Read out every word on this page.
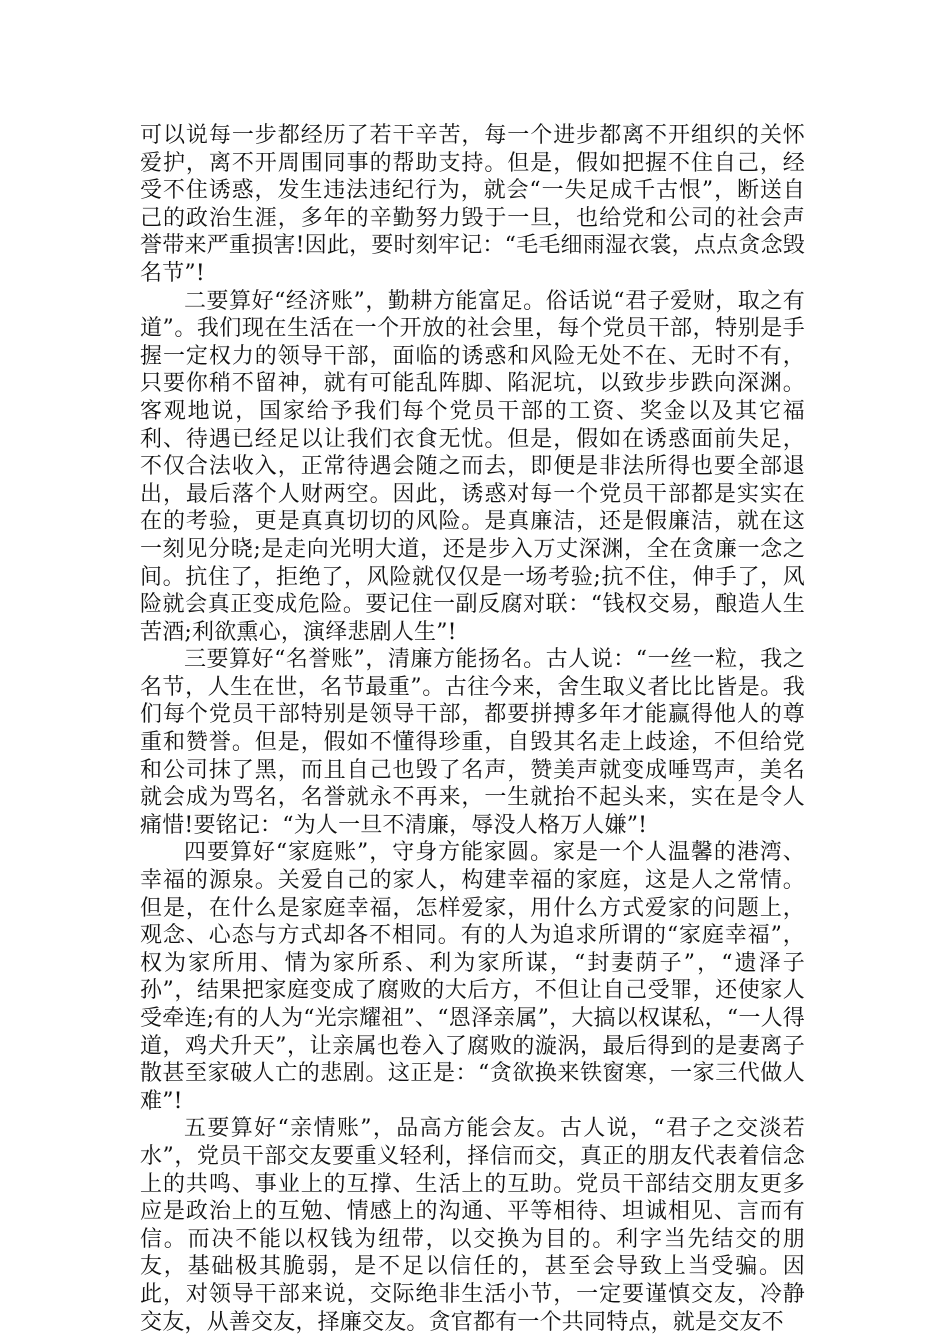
可以说每一步都经历了若干辛苦，每一个进步都离不开组织的关怀爱护，离不开周围同事的帮助支持。但是，假如把握不住自己，经受不住诱惑，发生违法违纪行为，就会“一失足成千古恨”，断送自己的政治生涯，多年的辛勤努力毁于一旦，也给党和公司的社会声誉带来严重损害!因此，要时刻牢记：“毛毛细雨湿衣裳，点点贪念毁名节”!

二要算好“经济账”，勤耕方能富足。俗话说“君子爱财，取之有道”。我们现在生活在一个开放的社会里，每个党员干部，特别是手握一定权力的领导干部，面临的诱惑和风险无处不在、无时不有，只要你稍不留神，就有可能乱阵脚、陷泥坑，以致步步跌向深渊。客观地说，国家给予我们每个党员干部的工资、奖金以及其它福利、待遇已经足以让我们衣食无忧。但是，假如在诱惑面前失足，不仅合法收入，正常待遇会随之而去，即便是非法所得也要全部退出，最后落个人财两空。因此，诱惑对每一个党员干部都是实实在在的考验，更是真真切切的风险。是真廉洁，还是假廉洁，就在这一刻见分晓;是走向光明大道，还是步入万丈深渊，全在贪廉一念之间。抗住了，拒绝了，风险就仅仅是一场考验;抗不住，伸手了，风险就会真正变成危险。要记住一副反腐对联：“钱权交易，酿造人生苦酒;利欲熏心，演绎悲剧人生”!

三要算好“名誉账”，清廉方能扬名。古人说：“一丝一粒，我之名节，人生在世，名节最重”。古往今来，舍生取义者比比皆是。我们每个党员干部特别是领导干部，都要拼搏多年才能赢得他人的尊重和赞誉。但是，假如不懂得珍重，自毁其名走上歧途，不但给党和公司抹了黑，而且自己也毁了名声，赞美声就变成唾骂声，美名就会成为骂名，名誉就永不再来，一生就抬不起头来，实在是令人痛惜!要铭记：“为人一旦不清廉，辱没人格万人嫌”!

四要算好“家庭账”，守身方能家圆。家是一个人温馨的港湾、幸福的源泉。关爱自己的家人，构建幸福的家庭，这是人之常情。但是，在什么是家庭幸福，怎样爱家，用什么方式爱家的问题上，观念、心态与方式却各不相同。有的人为追求所谓的“家庭幸福”，权为家所用、情为家所系、利为家所谋，“封妻荫子”，“遗泽子孙”，结果把家庭变成了腐败的大后方，不但让自己受罪，还使家人受牵连;有的人为“光宗耀祖”、“恩泽亲属”，大搞以权谋私，“一人得道，鸡犬升天”，让亲属也卷入了腐败的漩涡，最后得到的是妻离子散甚至家破人亡的悲剧。这正是：“贪欲换来铁窗寒，一家三代做人难”!

五要算好“亲情账”，品高方能会友。古人说，“君子之交淡若水”，党员干部交友要重义轻利，择信而交，真正的朋友代表着信念上的共鸣、事业上的互撑、生活上的互助。党员干部结交朋友更多应是政治上的互勉、情感上的沟通、平等相待、坦诚相见、言而有信。而决不能以权钱为纽带，以交换为目的。利字当先结交的朋友，基础极其脆弱，是不足以信任的，甚至会导致上当受骗。因此，对领导干部来说，交际绝非生活小节，一定要谨慎交友，冷静交友，从善交友，择廉交友。贪官都有一个共同特点，就是交友不
